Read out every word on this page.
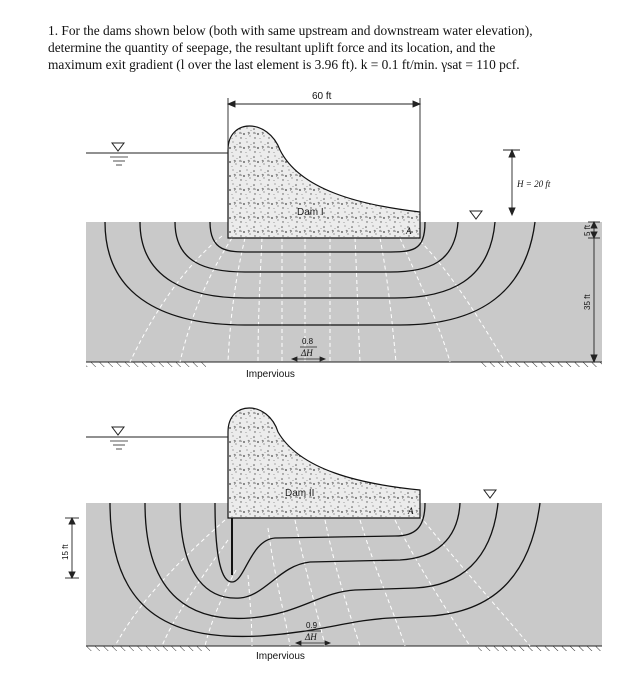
1. For the dams shown below (both with same upstream and downstream water elevation),

determine the quantity of seepage, the resultant uplift force and its location, and the

maximum exit gradient (l over the last element is 3.96 ft). k = 0.1 ft/min. γsat = 110 pcf.

Dam I
A
60 ft
H = 20 ft
5 ft
35 ft
0.8
ΔH
Impervious
Dam II
A
15 ft
0.9
ΔH
Impervious
